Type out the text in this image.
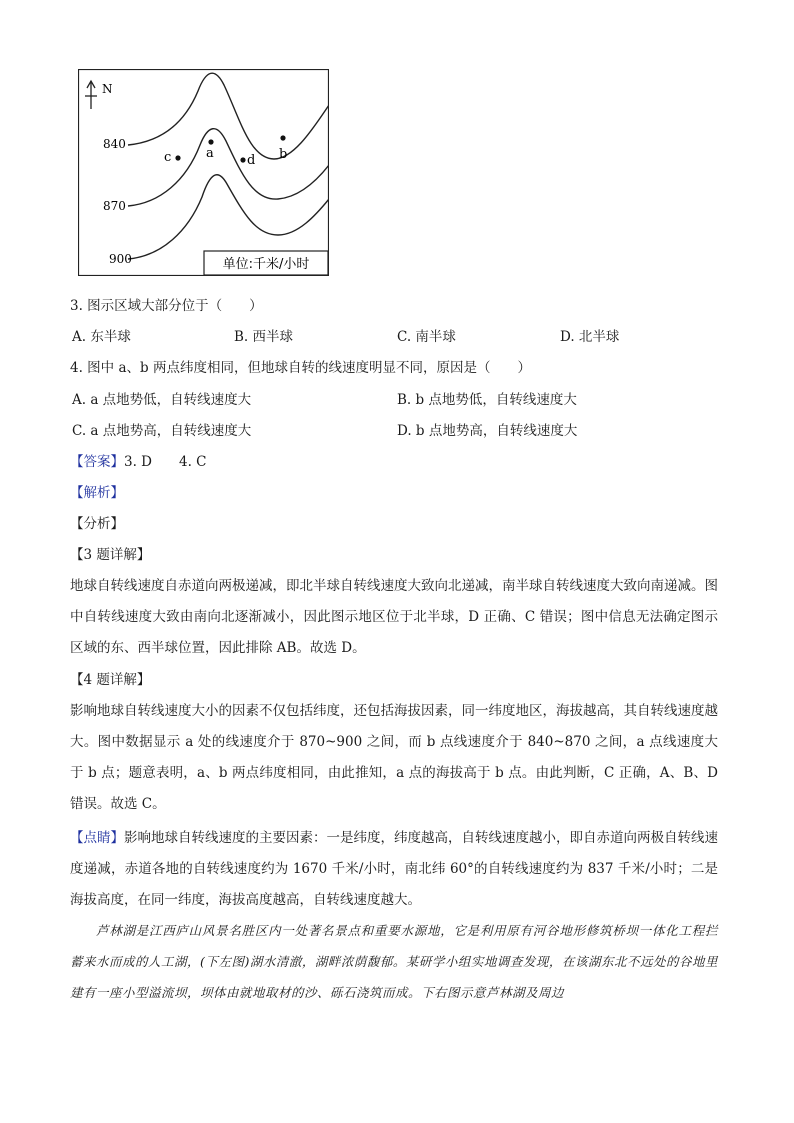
N
840
870
900
a	b
c	d
单位:千米/小时
3. 图示区域大部分位于（　　）
A. 东半球	B. 西半球	C. 南半球	D. 北半球
4. 图中 a、b 两点纬度相同，但地球自转的线速度明显不同，原因是（　　）
A. a 点地势低，自转线速度大	B. b 点地势低，自转线速度大
C. a 点地势高，自转线速度大	D. b 点地势高，自转线速度大
【答案】3. D　　4. C
【解析】
【分析】
【3 题详解】
地球自转线速度自赤道向两极递减，即北半球自转线速度大致向北递减，南半球自转线速度大致向南递减。图中自转线速度大致由南向北逐渐减小，因此图示地区位于北半球，D 正确、C 错误；图中信息无法确定图示区域的东、西半球位置，因此排除 AB。故选 D。
【4 题详解】
影响地球自转线速度大小的因素不仅包括纬度，还包括海拔因素，同一纬度地区，海拔越高，其自转线速度越大。图中数据显示 a 处的线速度介于 870~900 之间，而 b 点线速度介于 840~870 之间，a 点线速度大于 b 点；题意表明，a、b 两点纬度相同，由此推知，a 点的海拔高于 b 点。由此判断，C 正确，A、B、D 错误。故选 C。
【点睛】影响地球自转线速度的主要因素：一是纬度，纬度越高，自转线速度越小，即自赤道向两极自转线速度递减，赤道各地的自转线速度约为 1670 千米/小时，南北纬 60°的自转线速度约为 837 千米/小时；二是海拔高度，在同一纬度，海拔高度越高，自转线速度越大。
芦林湖是江西庐山风景名胜区内一处著名景点和重要水源地，它是利用原有河谷地形修筑桥坝一体化工程拦蓄来水而成的人工湖，(下左图)湖水清澈，湖畔浓荫馥郁。某研学小组实地调查发现，在该湖东北不远处的谷地里建有一座小型溢流坝，坝体由就地取材的沙、砾石浇筑而成。下右图示意芦林湖及周边
